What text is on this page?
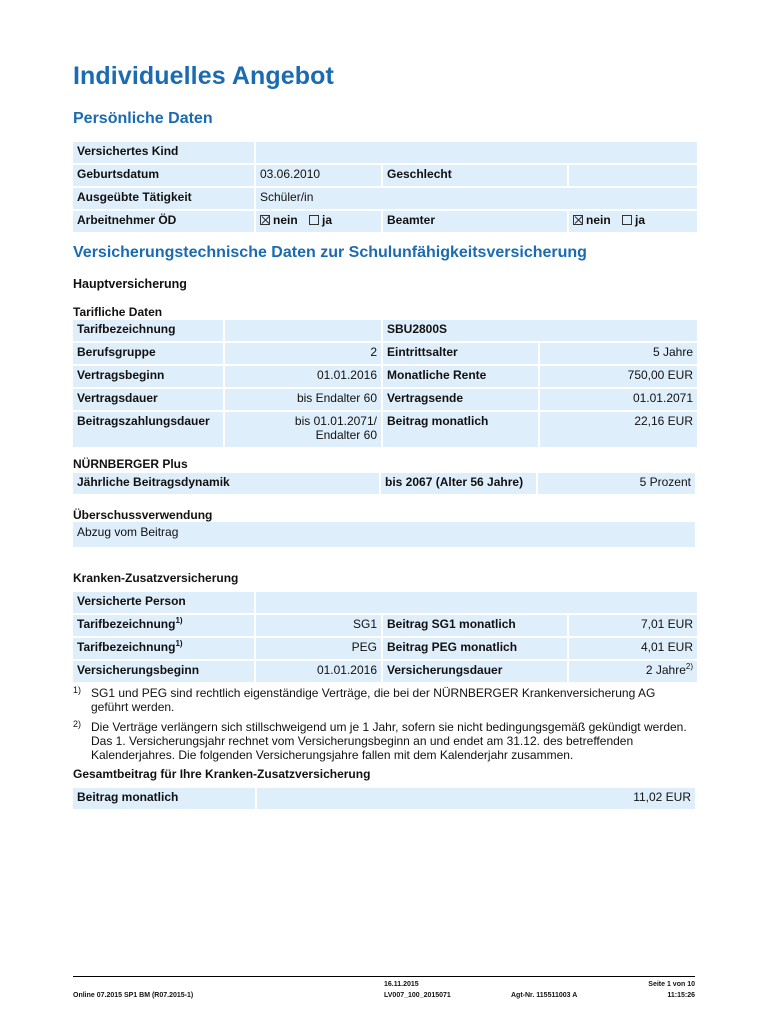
Individuelles Angebot
Persönliche Daten
Versichertes Kind			
Geburtsdatum	03.06.2010	Geschlecht	
Ausgeübte Tätigkeit	Schüler/in		
Arbeitnehmer ÖD	nein ja	Beamter	nein ja
Versicherungstechnische Daten zur Schulunfähigkeitsversicherung
Hauptversicherung
Tarifliche Daten
Tarifbezeichnung		SBU2800S	
Berufsgruppe	2	Eintrittsalter	5 Jahre
Vertragsbeginn	01.01.2016	Monatliche Rente	750,00 EUR
Vertragsdauer	bis Endalter 60	Vertragsende	01.01.2071
Beitragszahlungsdauer	bis 01.01.2071/
Endalter 60	Beitrag monatlich	22,16 EUR
NÜRNBERGER Plus
Jährliche Beitragsdynamik	bis 2067 (Alter 56 Jahre)	5 Prozent
Überschussverwendung
Abzug vom Beitrag
Kranken-Zusatzversicherung
Versicherte Person			
Tarifbezeichnung$^{1)}$	SG1	Beitrag SG1 monatlich	7,01 EUR
Tarifbezeichnung$^{1)}$	PEG	Beitrag PEG monatlich	4,01 EUR
Versicherungsbeginn	01.01.2016	Versicherungsdauer	2 Jahre$^{2)}$
1) SG1 und PEG sind rechtlich eigenständige Verträge, die bei der NÜRNBERGER Krankenversicherung AG geführt werden.
2) Die Verträge verlängern sich stillschweigend um je 1 Jahr, sofern sie nicht bedingungsgemäß gekündigt werden. Das 1. Versicherungsjahr rechnet vom Versicherungsbeginn an und endet am 31.12. des betreffenden Kalenderjahres. Die folgenden Versicherungsjahre fallen mit dem Kalenderjahr zusammen.
Gesamtbeitrag für Ihre Kranken-Zusatzversicherung
Beitrag monatlich	11,02 EUR
Online 07.2015 SP1 BM (R07.2015-1)
16.11.2015
LV007_100_2015071	Agt-Nr. 115511003 A
Seite 1 von 10
11:15:26
